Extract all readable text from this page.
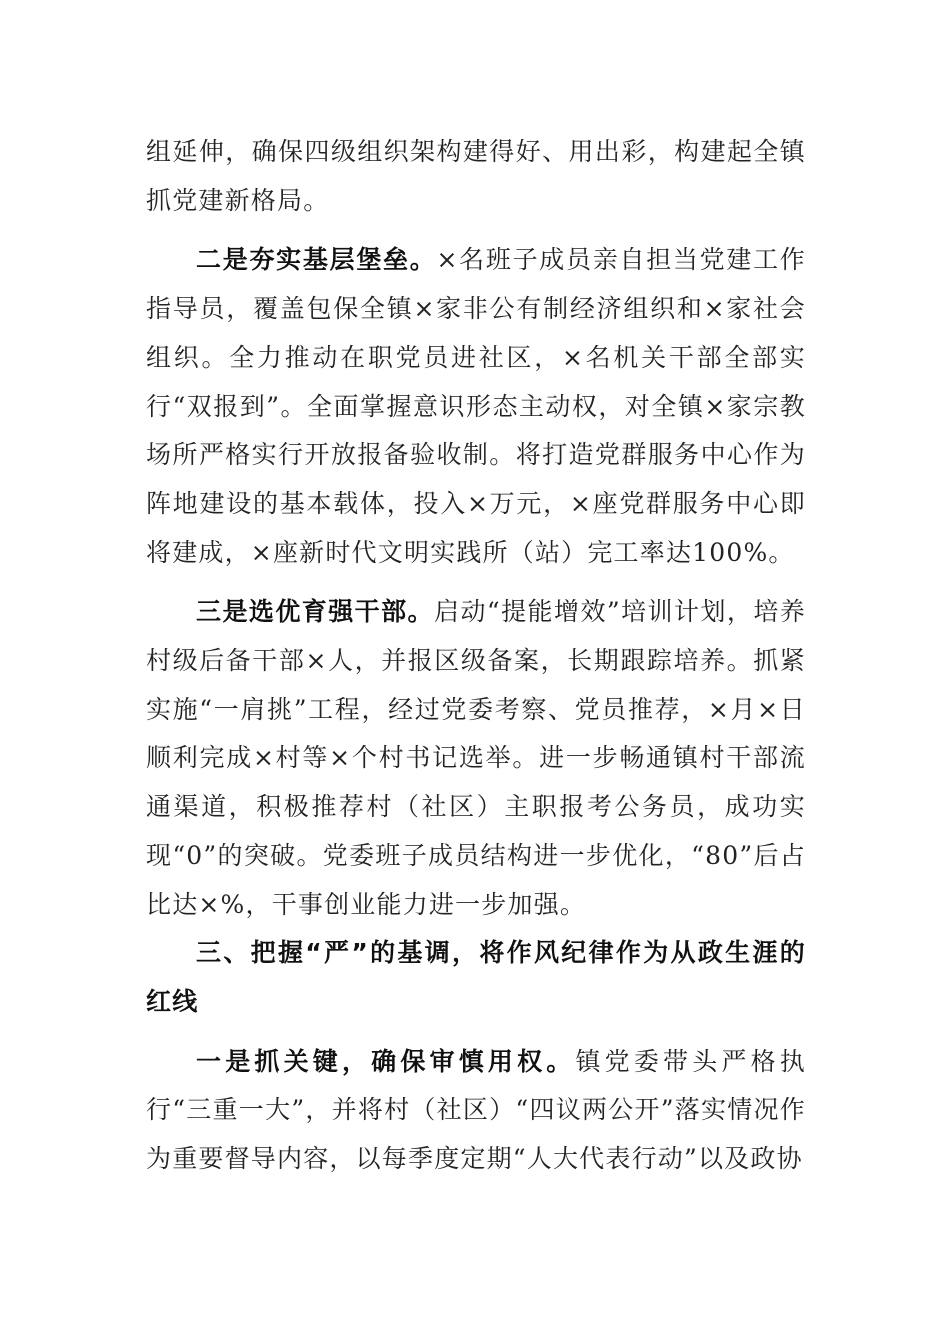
组延伸，确保四级组织架构建得好、用出彩，构建起全镇抓党建新格局。

二是夯实基层堡垒。×名班子成员亲自担当党建工作指导员，覆盖包保全镇×家非公有制经济组织和×家社会组织。全力推动在职党员进社区，×名机关干部全部实行“双报到”。全面掌握意识形态主动权，对全镇×家宗教场所严格实行开放报备验收制。将打造党群服务中心作为阵地建设的基本载体，投入×万元，×座党群服务中心即将建成，×座新时代文明实践所（站）完工率达100%。

三是选优育强干部。启动“提能增效”培训计划，培养村级后备干部×人，并报区级备案，长期跟踪培养。抓紧实施“一肩挑”工程，经过党委考察、党员推荐，×月×日顺利完成×村等×个村书记选举。进一步畅通镇村干部流通渠道，积极推荐村（社区）主职报考公务员，成功实现“0”的突破。党委班子成员结构进一步优化，“80”后占比达×%，干事创业能力进一步加强。

三、把握“严”的基调，将作风纪律作为从政生涯的红线

一是抓关键，确保审慎用权。镇党委带头严格执行“三重一大”，并将村（社区）“四议两公开”落实情况作为重要督导内容，以每季度定期“人大代表行动”以及政协
